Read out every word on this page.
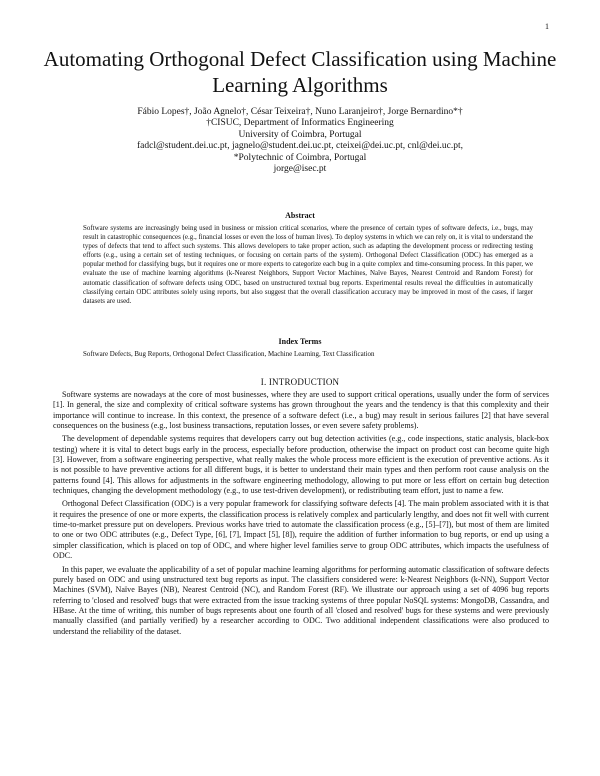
1
Automating Orthogonal Defect Classification using Machine Learning Algorithms
Fábio Lopes†, João Agnelo†, César Teixeira†, Nuno Laranjeiro†, Jorge Bernardino*†
†CISUC, Department of Informatics Engineering
University of Coimbra, Portugal
fadcl@student.dei.uc.pt, jagnelo@student.dei.uc.pt, cteixei@dei.uc.pt, cnl@dei.uc.pt,
*Polytechnic of Coimbra, Portugal
jorge@isec.pt
Abstract
Software systems are increasingly being used in business or mission critical scenarios, where the presence of certain types of software defects, i.e., bugs, may result in catastrophic consequences (e.g., financial losses or even the loss of human lives). To deploy systems in which we can rely on, it is vital to understand the types of defects that tend to affect such systems. This allows developers to take proper action, such as adapting the development process or redirecting testing efforts (e.g., using a certain set of testing techniques, or focusing on certain parts of the system). Orthogonal Defect Classification (ODC) has emerged as a popular method for classifying bugs, but it requires one or more experts to categorize each bug in a quite complex and time-consuming process. In this paper, we evaluate the use of machine learning algorithms (k-Nearest Neighbors, Support Vector Machines, Naïve Bayes, Nearest Centroid and Random Forest) for automatic classification of software defects using ODC, based on unstructured textual bug reports. Experimental results reveal the difficulties in automatically classifying certain ODC attributes solely using reports, but also suggest that the overall classification accuracy may be improved in most of the cases, if larger datasets are used.
Index Terms
Software Defects, Bug Reports, Orthogonal Defect Classification, Machine Learning, Text Classification
I. INTRODUCTION

Software systems are nowadays at the core of most businesses, where they are used to support critical operations, usually under the form of services [1]. In general, the size and complexity of critical software systems has grown throughout the years and the tendency is that this complexity and their importance will continue to increase. In this context, the presence of a software defect (i.e., a bug) may result in serious failures [2] that have several consequences on the business (e.g., lost business transactions, reputation losses, or even severe safety problems).

The development of dependable systems requires that developers carry out bug detection activities (e.g., code inspections, static analysis, black-box testing) where it is vital to detect bugs early in the process, especially before production, otherwise the impact on product cost can become quite high [3]. However, from a software engineering perspective, what really makes the whole process more efficient is the execution of preventive actions. As it is not possible to have preventive actions for all different bugs, it is better to understand their main types and then perform root cause analysis on the patterns found [4]. This allows for adjustments in the software engineering methodology, allowing to put more or less effort on certain bug detection techniques, changing the development methodology (e.g., to use test-driven development), or redistributing team effort, just to name a few.

Orthogonal Defect Classification (ODC) is a very popular framework for classifying software defects [4]. The main problem associated with it is that it requires the presence of one or more experts, the classification process is relatively complex and particularly lengthy, and does not fit well with current time-to-market pressure put on developers. Previous works have tried to automate the classification process (e.g., [5]–[7]), but most of them are limited to one or two ODC attributes (e.g., Defect Type, [6], [7], Impact [5], [8]), require the addition of further information to bug reports, or end up using a simpler classification, which is placed on top of ODC, and where higher level families serve to group ODC attributes, which impacts the usefulness of ODC.

In this paper, we evaluate the applicability of a set of popular machine learning algorithms for performing automatic classification of software defects purely based on ODC and using unstructured text bug reports as input. The classifiers considered were: k-Nearest Neighbors (k-NN), Support Vector Machines (SVM), Naïve Bayes (NB), Nearest Centroid (NC), and Random Forest (RF). We illustrate our approach using a set of 4096 bug reports referring to 'closed and resolved' bugs that were extracted from the issue tracking systems of three popular NoSQL systems: MongoDB, Cassandra, and HBase. At the time of writing, this number of bugs represents about one fourth of all 'closed and resolved' bugs for these systems and were previously manually classified (and partially verified) by a researcher according to ODC. Two additional independent classifications were also produced to understand the reliability of the dataset.
